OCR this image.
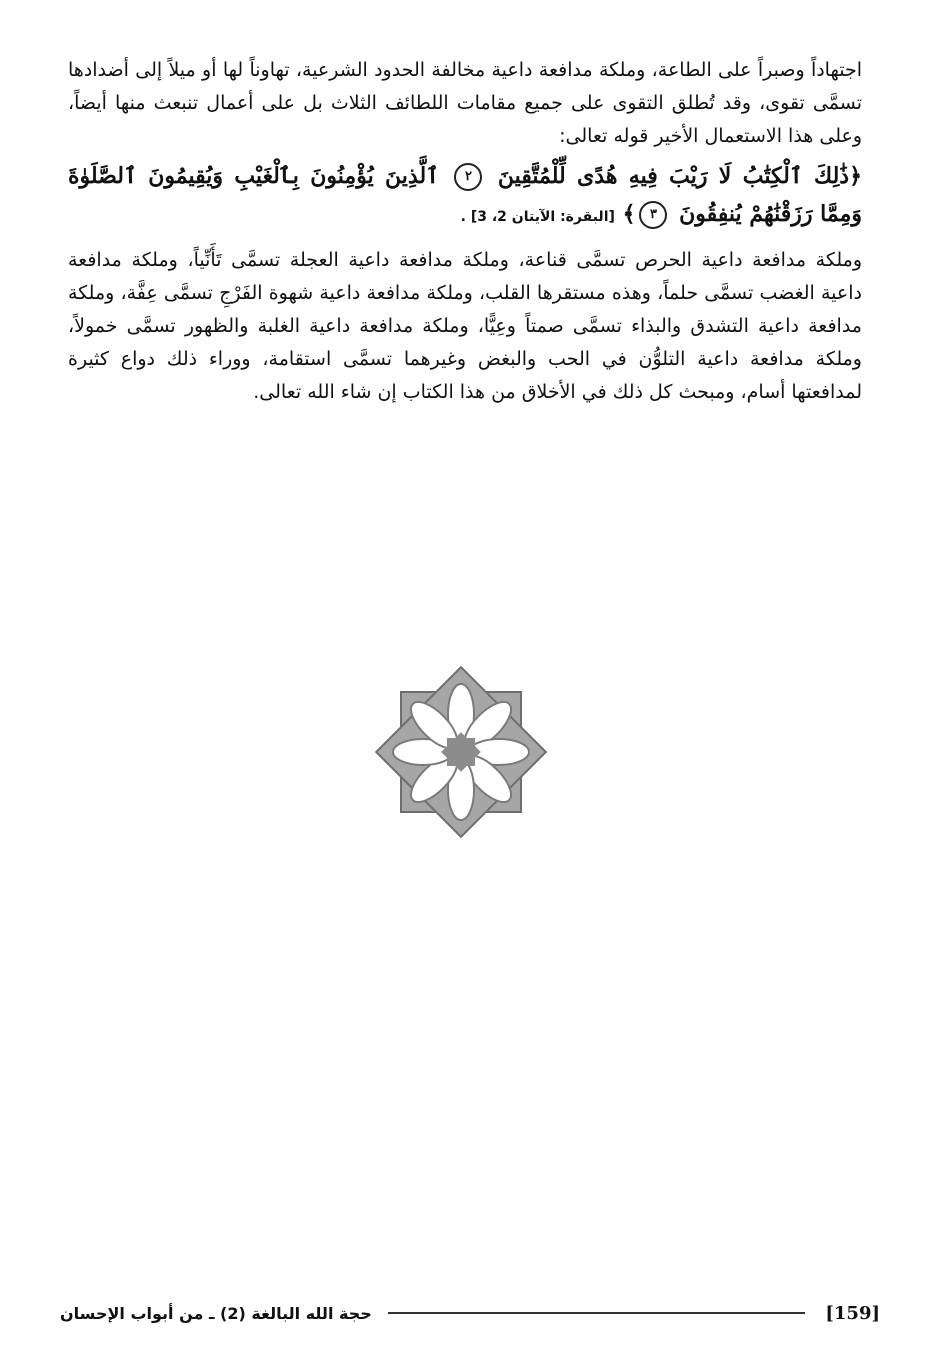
اجتهاداً وصبراً على الطاعة، وملكة مدافعة داعية مخالفة الحدود الشرعية، تهاوناً لها أو ميلاً إلى أضدادها تسمَّى تقوى، وقد تُطلق التقوى على جميع مقامات اللطائف الثلاث بل على أعمال تنبعث منها أيضاً، وعلى هذا الاستعمال الأخير قوله تعالى:

﴿ذَٰلِكَ ٱلْكِتَٰبُ لَا رَيْبَ فِيهِ هُدًى لِّلْمُتَّقِينَ ٢ ٱلَّذِينَ يُؤْمِنُونَ بِٱلْغَيْبِ وَيُقِيمُونَ ٱلصَّلَوٰةَ وَمِمَّا رَزَقْنَٰهُمْ يُنفِقُونَ ٣﴾ [البقرة: الآيتان 2، 3] .

وملكة مدافعة داعية الحرص تسمَّى قناعة، وملكة مدافعة داعية العجلة تسمَّى تَأَنِّياً، وملكة مدافعة داعية الغضب تسمَّى حلماً، وهذه مستقرها القلب، وملكة مدافعة داعية شهوة الفَرْجِ تسمَّى عِفَّة، وملكة مدافعة داعية التشدق والبذاء تسمَّى صمتاً وعِيًّا، وملكة مدافعة داعية الغلبة والظهور تسمَّى خمولاً، وملكة مدافعة داعية التلوُّن في الحب والبغض وغيرهما تسمَّى استقامة، ووراء ذلك دواع كثيرة لمدافعتها أسام، ومبحث كل ذلك في الأخلاق من هذا الكتاب إن شاء الله تعالى.

[159]
حجة الله البالغة (2) ـ من أبواب الإحسان
